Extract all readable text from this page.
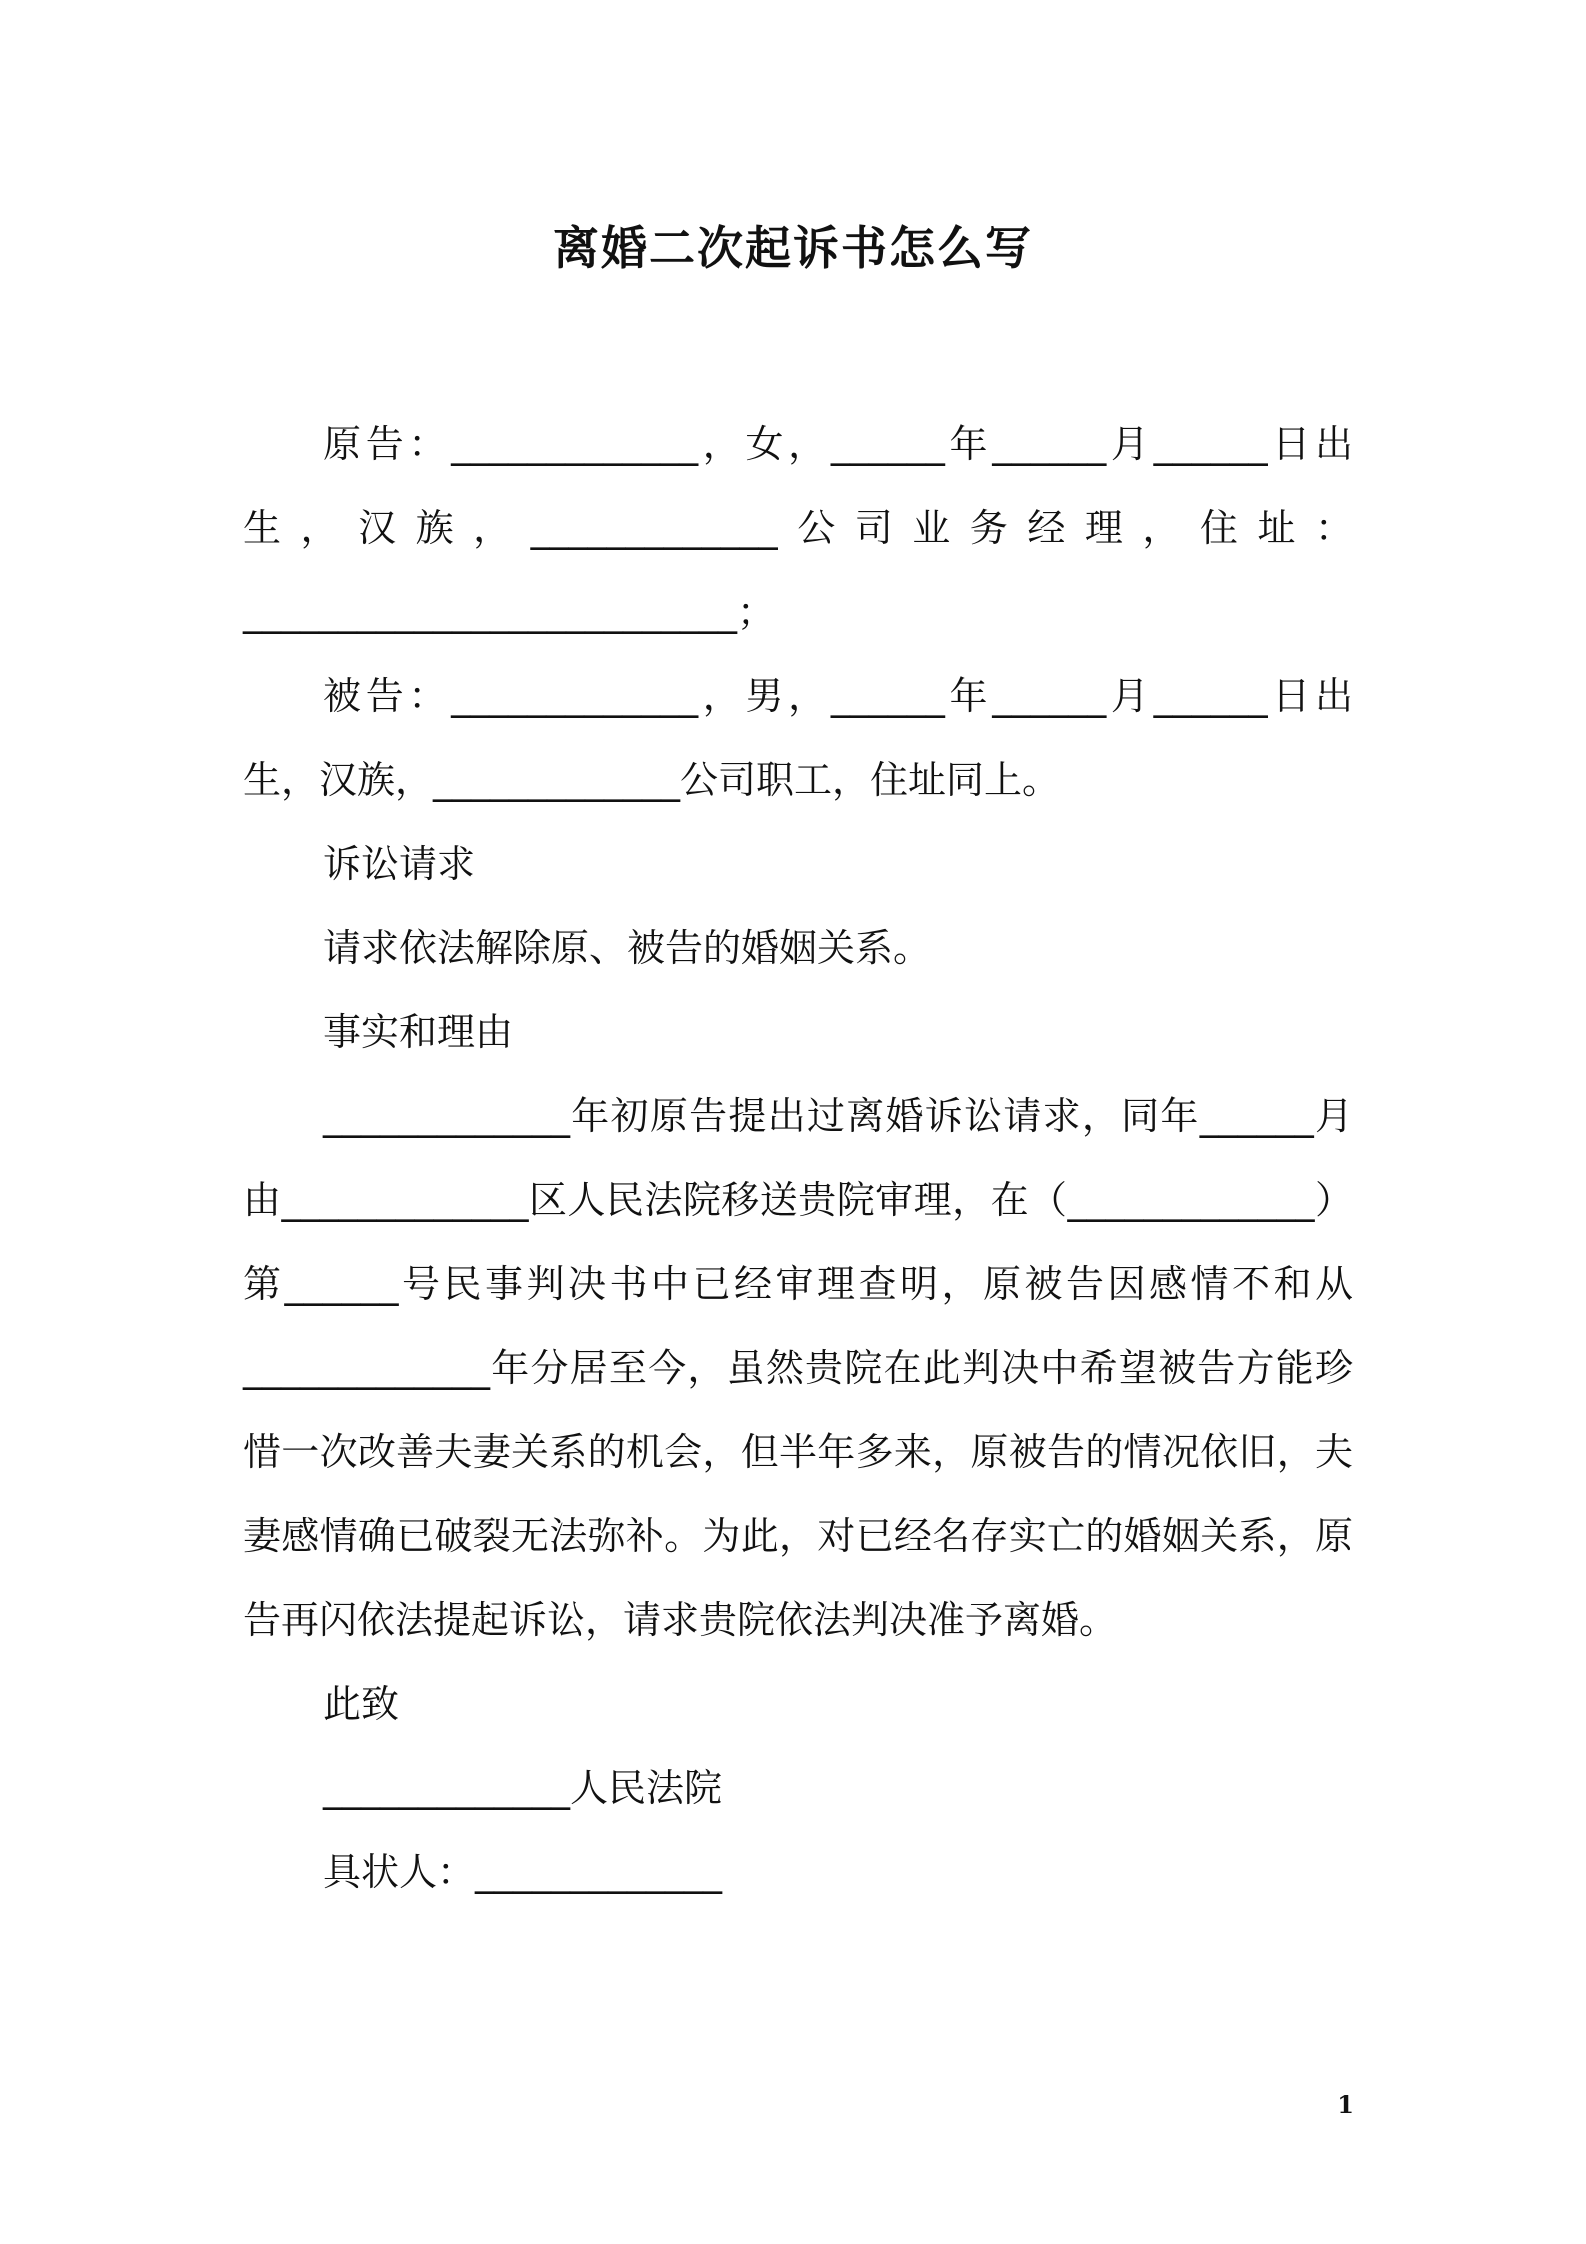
离婚二次起诉书怎么写

原告：_____________，女，______年______月______日出生，汉族，_____________公司业务经理，住址：__________________________；

被告：_____________，男，______年______月______日出生，汉族，_____________公司职工，住址同上。

诉讼请求

请求依法解除原、被告的婚姻关系。

事实和理由

_____________年初原告提出过离婚诉讼请求，同年______月由_____________区人民法院移送贵院审理，在（_____________）第______号民事判决书中已经审理查明，原被告因感情不和从_____________年分居至今，虽然贵院在此判决中希望被告方能珍惜一次改善夫妻关系的机会，但半年多来，原被告的情况依旧，夫妻感情确已破裂无法弥补。为此，对已经名存实亡的婚姻关系，原告再闪依法提起诉讼，请求贵院依法判决准予离婚。

此致

_____________人民法院

具状人：_____________

1
